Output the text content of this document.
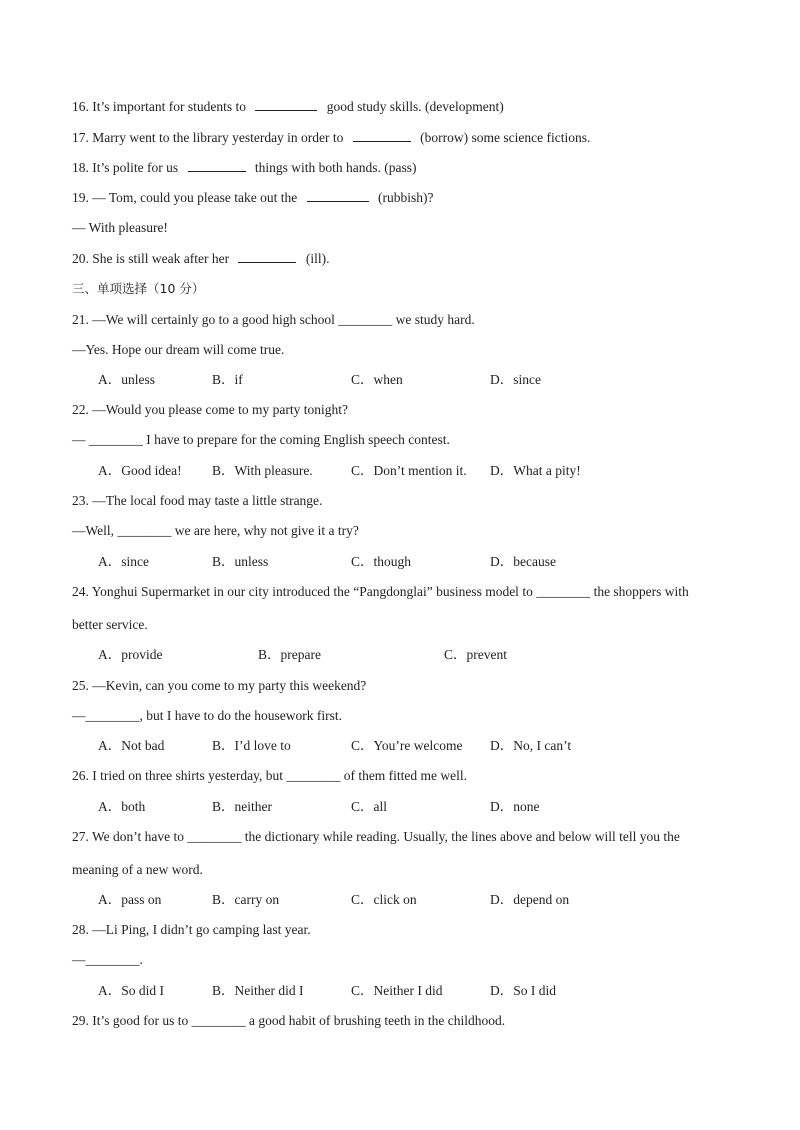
16. It’s important for students to	good study skills. (development)
17. Marry went to the library yesterday in order to	(borrow) some science fictions.
18. It’s polite for us	things with both hands. (pass)
19. — Tom, could you please take out the	(rubbish)?
— With pleasure!
20. She is still weak after her	(ill).
三、单项选择（10 分）
21. —We will certainly go to a good high school ________ we study hard.
—Yes. Hope our dream will come true.
A．unless	B．if	C．when	D．since
22. —Would you please come to my party tonight?
— ________ I have to prepare for the coming English speech contest.
A．Good idea! B．With pleasure.	C．Don’t mention it. D．What a pity!
23. —The local food may taste a little strange.
—Well, ________ we are here, why not give it a try?
A．since	B．unless	C．though	D．because
24. Yonghui Supermarket in our city introduced the “Pangdonglai” business model to ________ the shoppers with
better service.
A．provide	B．prepare	C．prevent
25. —Kevin, can you come to my party this weekend?
—________, but I have to do the housework first.
A．Not bad	B．I’d love to	C．You’re welcome D．No, I can’t
26. I tried on three shirts yesterday, but ________ of them fitted me well.
A．both	B．neither	C．all	D．none
27. We don’t have to ________ the dictionary while reading. Usually, the lines above and below will tell you the
meaning of a new word.
A．pass on	B．carry on	C．click on	D．depend on
28. —Li Ping, I didn’t go camping last year.
—________.
A．So did I	B．Neither did I	C．Neither I did	D．So I did
29. It’s good for us to ________ a good habit of brushing teeth in the childhood.
